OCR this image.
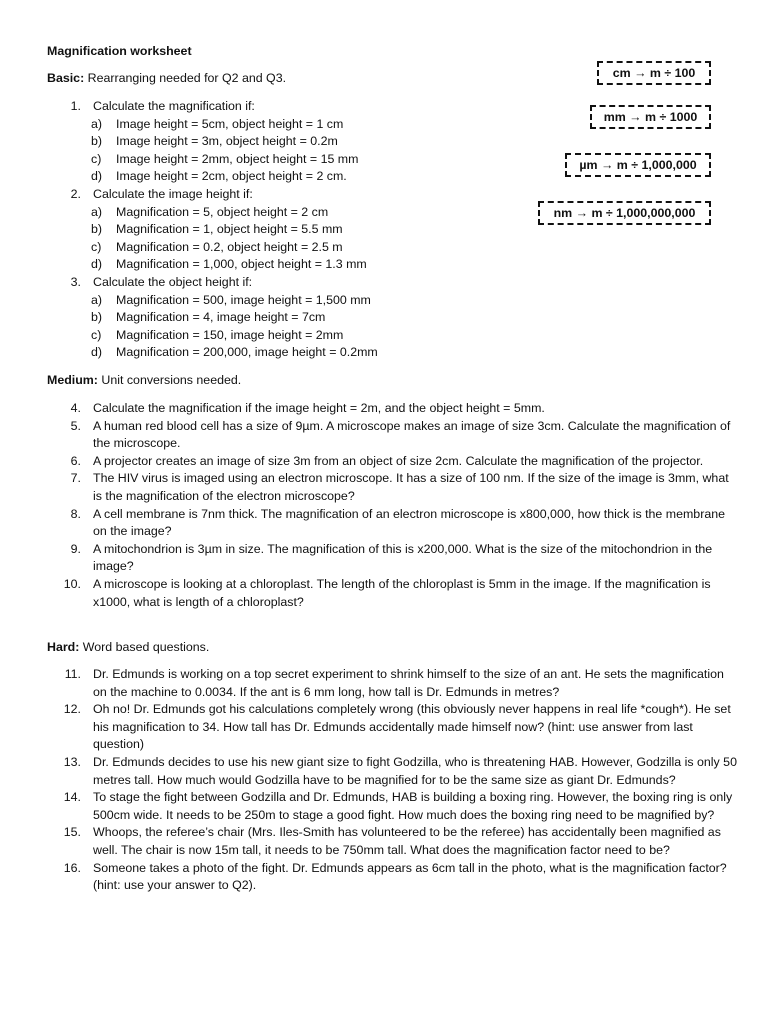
Magnification worksheet
cm → m ÷ 100
mm → m ÷ 1000
µm → m ÷ 1,000,000
nm → m ÷ 1,000,000,000
Basic: Rearranging needed for Q2 and Q3.
1. Calculate the magnification if:
a) Image height = 5cm, object height = 1 cm
b) Image height = 3m, object height = 0.2m
c) Image height = 2mm, object height = 15 mm
d) Image height = 2cm, object height = 2 cm.
2. Calculate the image height if:
a) Magnification = 5, object height = 2 cm
b) Magnification = 1, object height = 5.5 mm
c) Magnification = 0.2, object height = 2.5 m
d) Magnification = 1,000, object height = 1.3 mm
3. Calculate the object height if:
a) Magnification = 500, image height = 1,500 mm
b) Magnification = 4, image height = 7cm
c) Magnification = 150, image height = 2mm
d) Magnification = 200,000, image height = 0.2mm
Medium: Unit conversions needed.
4. Calculate the magnification if the image height = 2m, and the object height = 5mm.
5. A human red blood cell has a size of 9µm. A microscope makes an image of size 3cm. Calculate the magnification of the microscope.
6. A projector creates an image of size 3m from an object of size 2cm. Calculate the magnification of the projector.
7. The HIV virus is imaged using an electron microscope. It has a size of 100 nm. If the size of the image is 3mm, what is the magnification of the electron microscope?
8. A cell membrane is 7nm thick. The magnification of an electron microscope is x800,000, how thick is the membrane on the image?
9. A mitochondrion is 3µm in size. The magnification of this is x200,000. What is the size of the mitochondrion in the image?
10. A microscope is looking at a chloroplast. The length of the chloroplast is 5mm in the image. If the magnification is x1000, what is length of a chloroplast?
Hard: Word based questions.
11. Dr. Edmunds is working on a top secret experiment to shrink himself to the size of an ant. He sets the magnification on the machine to 0.0034. If the ant is 6 mm long, how tall is Dr. Edmunds in metres?
12. Oh no! Dr. Edmunds got his calculations completely wrong (this obviously never happens in real life *cough*). He set his magnification to 34. How tall has Dr. Edmunds accidentally made himself now? (hint: use answer from last question)
13. Dr. Edmunds decides to use his new giant size to fight Godzilla, who is threatening HAB. However, Godzilla is only 50 metres tall. How much would Godzilla have to be magnified for to be the same size as giant Dr. Edmunds?
14. To stage the fight between Godzilla and Dr. Edmunds, HAB is building a boxing ring. However, the boxing ring is only 500cm wide. It needs to be 250m to stage a good fight. How much does the boxing ring need to be magnified by?
15. Whoops, the referee’s chair (Mrs. Iles-Smith has volunteered to be the referee) has accidentally been magnified as well. The chair is now 15m tall, it needs to be 750mm tall. What does the magnification factor need to be?
16. Someone takes a photo of the fight. Dr. Edmunds appears as 6cm tall in the photo, what is the magnification factor? (hint: use your answer to Q2).
